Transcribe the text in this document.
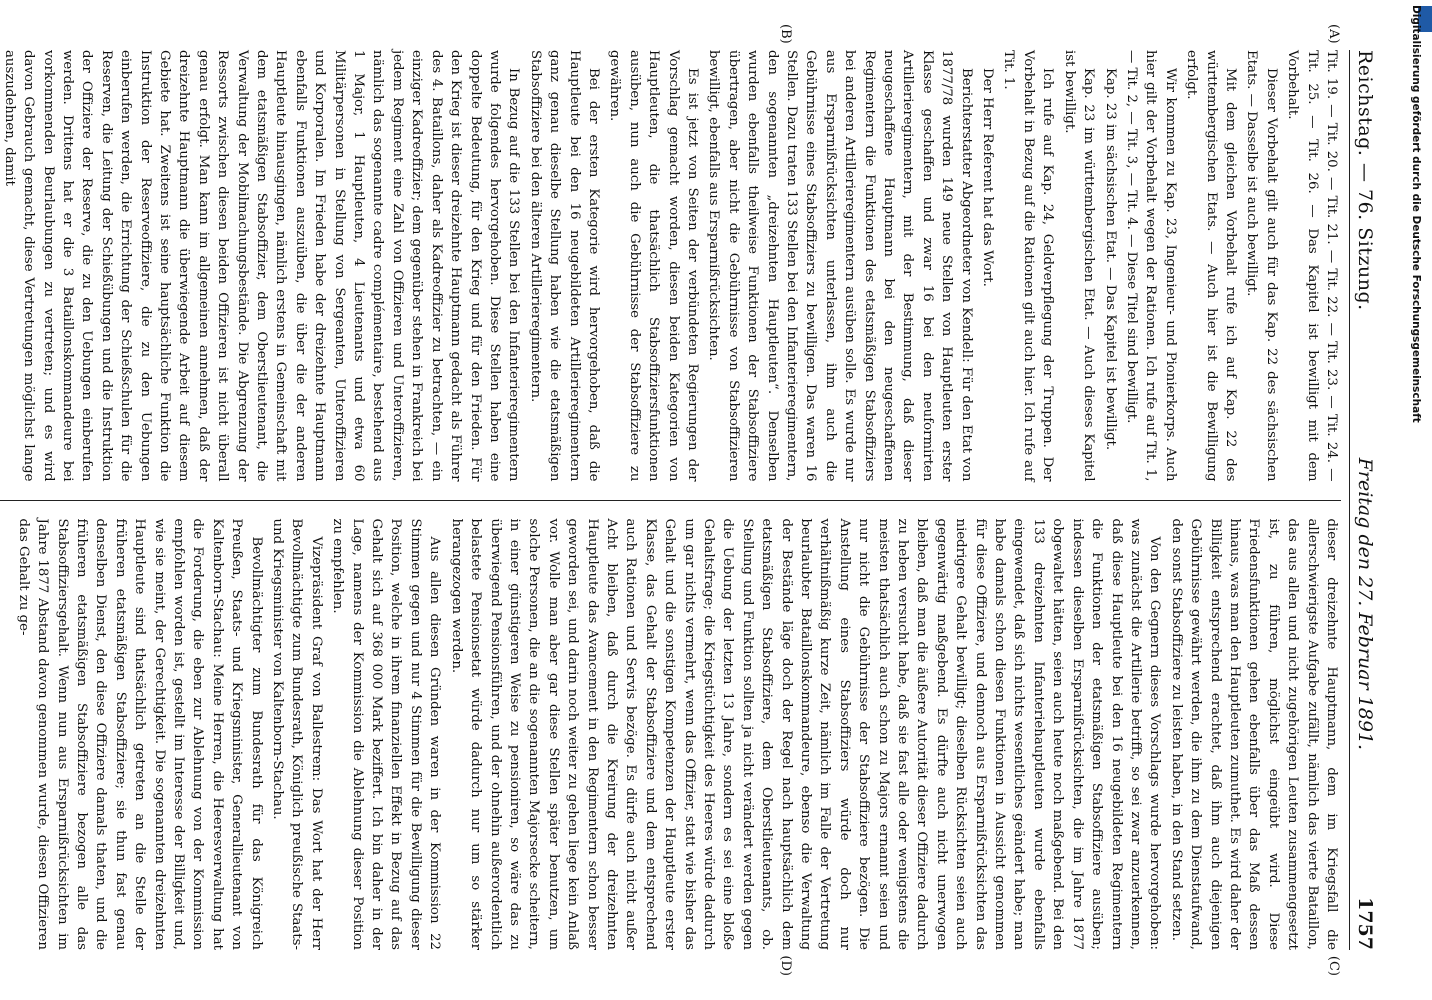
Reichstag. — 76. Sitzung.
Freitag den 27. Februar 1891.
1757
(A)
(B)

Tit. 19. — Tit. 20. — Tit. 21. — Tit. 22. — Tit. 23. — Tit. 24. — Tit. 25. — Tit. 26. — Das Kapitel ist bewilligt mit dem Vorbehalt.

Dieser Vorbehalt gilt auch für das Kap. 22 des sächsischen Etats. — Dasselbe ist auch bewilligt.

Mit dem gleichen Vorbehalt rufe ich auf Kap. 22 des württembergischen Etats. — Auch hier ist die Bewilligung erfolgt.

Wir kommen zu Kap. 23, Ingenieur- und Pionierkorps. Auch hier gilt der Vorbehalt wegen der Rationen. Ich rufe auf Tit. 1, — Tit. 2, — Tit. 3, — Tit. 4. — Diese Titel sind bewilligt.

Kap. 23 im sächsischen Etat. — Das Kapitel ist bewilligt.

Kap. 23 im württembergischen Etat. — Auch dieses Kapitel ist bewilligt.

Ich rufe auf Kap. 24, Geldverpflegung der Truppen. Der Vorbehalt in Bezug auf die Rationen gilt auch hier. Ich rufe auf Tit. 1.

Der Herr Referent hat das Wort.

Berichterstatter Abgeordneter von Kendell: Für den Etat von 1877/78 wurden 149 neue Stellen von Hauptleuten erster Klasse geschaffen und zwar 16 bei den neuformirten Artillerieregimentern, mit der Bestimmung, daß dieser neugeschaffene Hauptmann bei den neugeschaffenen Regimentern die Funktionen des etatsmäßigen Stabsoffiziers bei anderen Artillerieregimentern ausüben solle. Es wurde nur aus Ersparnißrücksichten unterlassen, ihm auch die Gebührnisse eines Stabsoffiziers zu bewilligen. Das waren 16 Stellen. Dazu traten 133 Stellen bei den Infanterieregimentern, den sogenannten „dreizehnten Hauptleuten“. Denselben wurden ebenfalls theilweise Funktionen der Stabsoffiziere übertragen, aber nicht die Gebührnisse von Stabsoffizieren bewilligt, ebenfalls aus Ersparnißrücksichten.

Es ist jetzt von Seiten der verbündeten Regierungen der Vorschlag gemacht worden, diesen beiden Kategorien von Hauptleuten, die thatsächlich Stabsoffiziersfunktionen ausüben, nun auch die Gebührnisse der Stabsoffiziere zu gewähren.

Bei der ersten Kategorie wird hervorgehoben, daß die Hauptleute bei den 16 neugebildeten Artillerieregimentern ganz genau dieselbe Stellung haben wie die etatsmäßigen Stabsoffiziere bei den älteren Artillerieregimentern.

In Bezug auf die 133 Stellen bei den Infanterieregimentern wurde folgendes hervorgehoben. Diese Stellen haben eine doppelte Bedeutung, für den Krieg und für den Frieden. Für den Krieg ist dieser dreizehnte Hauptmann gedacht als Führer des 4. Bataillons, daher als Kadreoffizier zu betrachten, — ein einziger Kadreoffizier; dem gegenüber stehen in Frankreich bei jedem Regiment eine Zahl von Offizieren und Unteroffizieren, nämlich das sogenannte cadre complémentaire, bestehend aus 1 Major, 1 Hauptleuten, 4 Lieutenants und etwa 60 Militärpersonen in Stellung von Sergeanten, Unteroffizieren und Korporalen. Im Frieden habe der dreizehnte Hauptmann ebenfalls Funktionen auszuüben, die über die der anderen Hauptleute hinausgingen, nämlich erstens in Gemeinschaft mit dem etatsmäßigen Stabsoffizier, dem Oberstlieutenant, die Verwaltung der Mobilmachungsbestände. Die Abgrenzung der Ressorts zwischen diesen beiden Offizieren ist nicht überall genau erfolgt. Man kann im allgemeinen annehmen, daß der dreizehnte Hauptmann die überwiegende Arbeit auf diesem Gebiete hat. Zweitens ist seine hauptsächliche Funktion die Instruktion der Reserveoffiziere, die zu den Uebungen einberufen werden, die Errichtung der Schießschulen für die Reserven, die Leitung der Schießübungen und die Instruktion der Offiziere der Reserve, die zu den Uebungen einberufen werden. Drittens hat er die 3 Bataillonskommandeure bei vorkommenden Beurlaubungen zu vertreten; und es wird davon Gebrauch gemacht, diese Vertretungen möglichst lange auszudehnen, damit

dieser dreizehnte Hauptmann, dem im Kriegsfall die allerschwierigste Aufgabe zufällt, nämlich das vierte Bataillon, das aus allen und nicht zugehörigen Leuten zusammengesetzt ist, zu führen, möglichst eingeübt wird. Diese Friedensfunktionen gehen ebenfalls über das Maß dessen hinaus, was man den Hauptleuten zumuthet. Es wird daher der Billigkeit entsprechend erachtet, daß ihm auch diejenigen Gebührnisse gewährt werden, die ihm zu dem Dienstaufwand, den sonst Stabsoffiziere zu leisten haben, in den Stand setzen.

Von den Gegnern dieses Vorschlags wurde hervorgehoben: was zunächst die Artillerie betrifft, so sei zwar anzuerkennen, daß diese Hauptleute bei den 16 neugebildeten Regimentern die Funktionen der etatsmäßigen Stabsoffiziere ausüben; indessen dieselben Ersparnißrücksichten, die im Jahre 1877 obgewaltet hätten, seien auch heute noch maßgebend. Bei den 133 dreizehnten Infanteriehauptleuten wurde ebenfalls eingewendet, daß sich nichts wesentliches geändert habe; man habe damals schon diesen Funktionen in Aussicht genommen für diese Offiziere, und dennoch aus Ersparnißrücksichten das niedrigere Gehalt bewilligt; dieselben Rücksichten seien auch gegenwärtig maßgebend. Es dürfte auch nicht unerwogen bleiben, daß man die äußere Autorität dieser Offiziere dadurch zu heben versucht habe, daß sie fast alle oder wenigstens die meisten thatsächlich auch schon zu Majors ernannt seien und nur nicht die Gebührnisse der Stabsoffiziere bezögen. Die Anstellung eines Stabsoffiziers würde doch nur verhältnißmäßig kurze Zeit, nämlich im Falle der Vertretung beurlaubter Bataillonskommandeure, ebenso die Verwaltung der Bestände läge doch der Regel nach hauptsächlich dem etatsmäßigen Stabsoffiziere, dem Oberstlieutenants, ob. Stellung und Funktion sollten ja nicht verändert werden gegen die Uebung der letzten 13 Jahre, sondern es sei eine bloße Gehaltsfrage; die Kriegstüchtigkeit des Heeres würde dadurch um gar nichts vermehrt, wenn das Offizier, statt wie bisher das Gehalt und die sonstigen Kompetenzen der Hauptleute erster Klasse, das Gehalt der Stabsoffiziere und dem entsprechend auch Rationen und Servis bezöge. Es dürfe auch nicht außer Acht bleiben, daß durch die Kreirung der dreizehnten Hauptleute das Avancement in den Regimentern schon besser geworden sei, und darin noch weiter zu gehen liege kein Anlaß vor. Wolle man aber gar diese Stellen später benutzen, um solche Personen, die an die sogenannten Majorsecke scheitern, in einer günstigeren Weise zu pensioniren, so wäre das zu überwiegend Pensionsführen, und der ohnehin außerordentlich belastete Pensionsetat würde dadurch nur um so stärker herangezogen werden.

Aus allen diesen Gründen waren in der Kommission 22 Stimmen gegen und nur 4 Stimmen für die Bewilligung dieser Position, welche in ihrem finanziellen Effekt in Bezug auf das Gehalt sich auf 368 000 Mark beziffert. Ich bin daher in der Lage, namens der Kommission die Ablehnung dieser Position zu empfehlen.

Vizepräsident Graf von Ballestrem: Das Wort hat der Herr Bevollmächtigte zum Bundesrath, Königlich preußische Staats- und Kriegsminister von Kaltenborn-Stachau.

Bevollmächtigter zum Bundesrath für das Königreich Preußen, Staats- und Kriegsminister, Generallieutenant von Kaltenborn-Stachau: Meine Herren, die Heeresverwaltung hat die Forderung, die eben zur Ablehnung von der Kommission empfohlen worden ist, gestellt im Interesse der Billigkeit und, wie sie meint, der Gerechtigkeit. Die sogenannten dreizehnten Hauptleute sind thatsächlich getreten an die Stelle der früheren etatsmäßigen Stabsoffiziere; sie thun fast genau denselben Dienst, den diese Offiziere damals thaten, und die früheren etatsmäßigen Stabsoffiziere bezogen alle das Stabsoffiziersgehalt. Wenn nun aus Ersparnißrücksichten im Jahre 1877 Abstand davon genommen wurde, diesen Offizieren das Gehalt zu ge-

(C)
(D)
Digitalisierung gefördert durch die Deutsche Forschungsgemeinschaft
